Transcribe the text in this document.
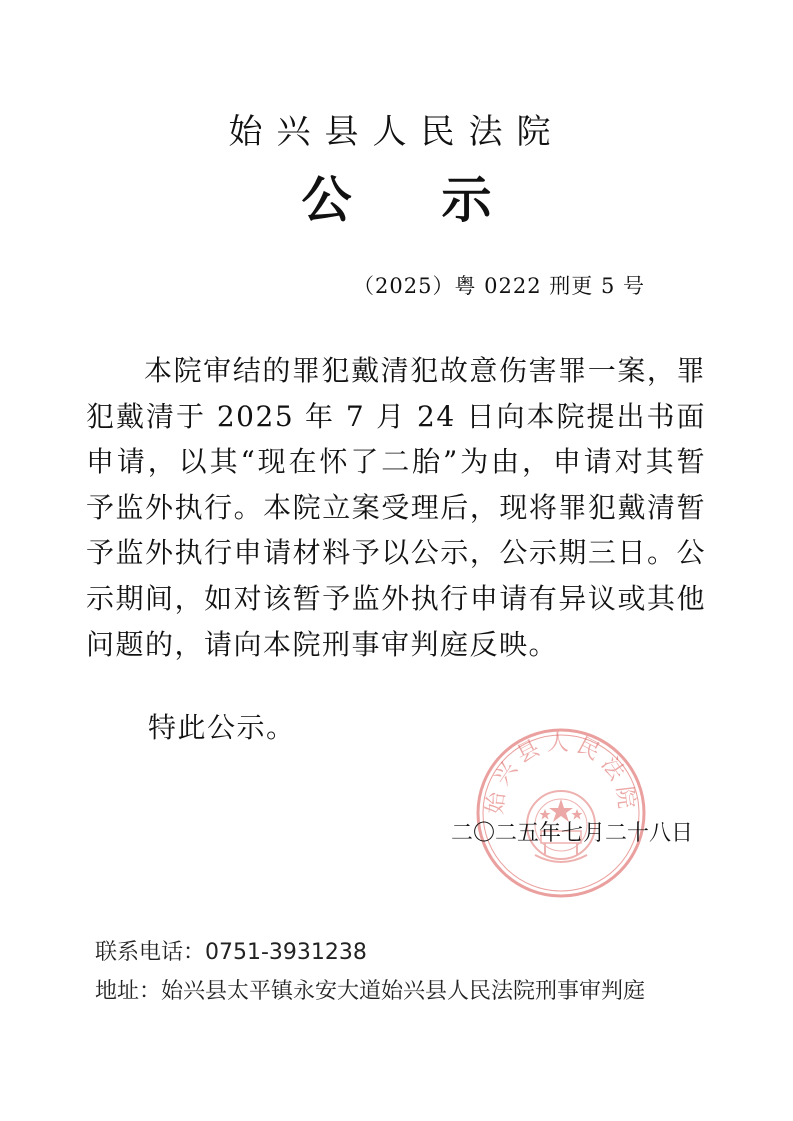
始兴县人民法院
公示
（2025）粤 0222 刑更 5 号

本院审结的罪犯戴清犯故意伤害罪一案，罪犯戴清于 2025 年 7 月 24 日向本院提出书面申请，以其“现在怀了二胎”为由，申请对其暂予监外执行。本院立案受理后，现将罪犯戴清暂予监外执行申请材料予以公示，公示期三日。公示期间，如对该暂予监外执行申请有异议或其他问题的，请向本院刑事审判庭反映。

特此公示。
始兴县人民法院
二〇二五年七月二十八日
联系电话：0751-3931238
地址：始兴县太平镇永安大道始兴县人民法院刑事审判庭
